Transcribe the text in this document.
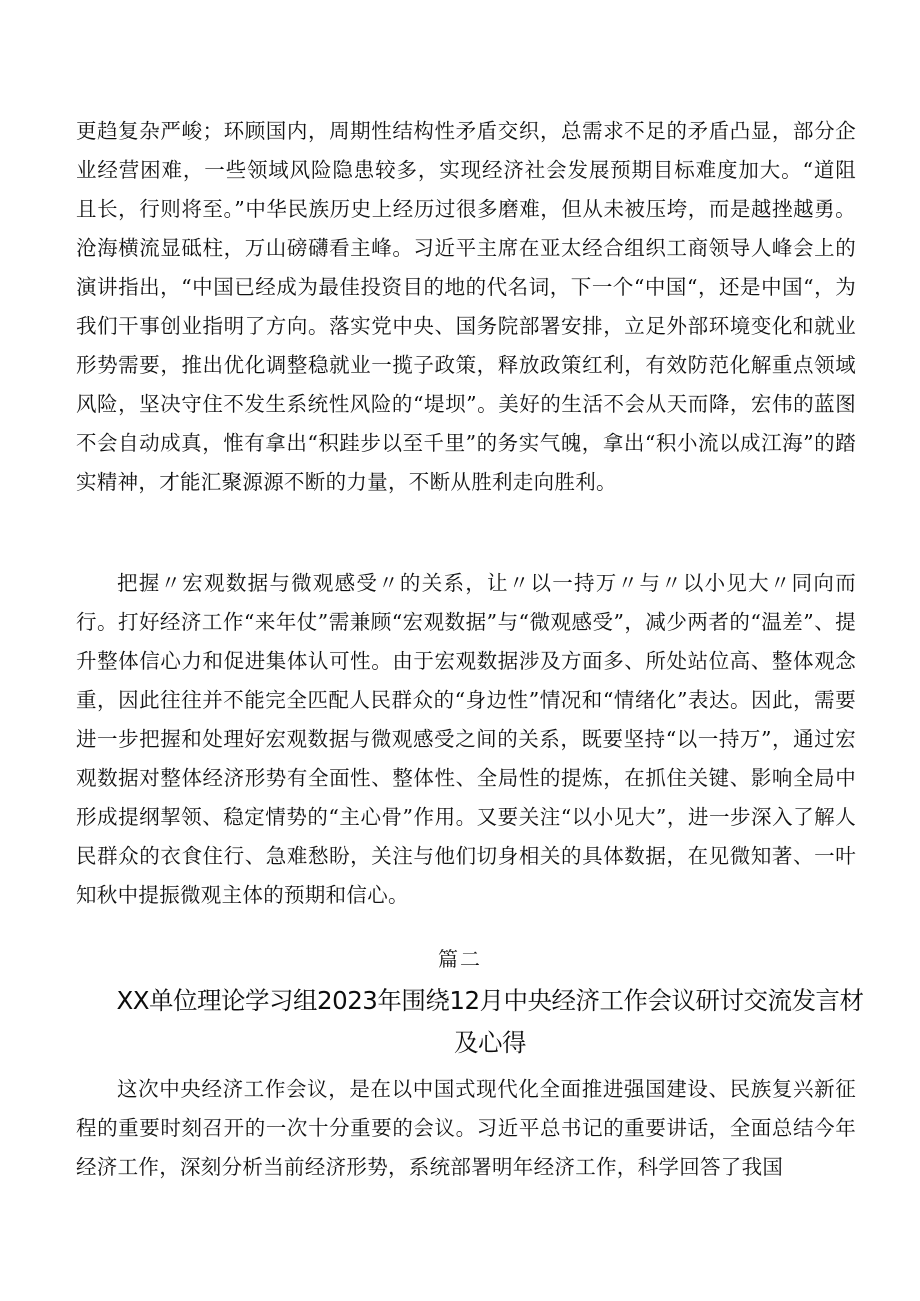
更趋复杂严峻；环顾国内，周期性结构性矛盾交织，总需求不足的矛盾凸显，部分企业经营困难，一些领域风险隐患较多，实现经济社会发展预期目标难度加大。“道阻且长，行则将至。”中华民族历史上经历过很多磨难，但从未被压垮，而是越挫越勇。沧海横流显砥柱，万山磅礴看主峰。习近平主席在亚太经合组织工商领导人峰会上的演讲指出，“中国已经成为最佳投资目的地的代名词，下一个“中国“，还是中国“，为我们干事创业指明了方向。落实党中央、国务院部署安排，立足外部环境变化和就业形势需要，推出优化调整稳就业一揽子政策，释放政策红利，有效防范化解重点领域风险，坚决守住不发生系统性风险的“堤坝”。美好的生活不会从天而降，宏伟的蓝图不会自动成真，惟有拿出“积跬步以至千里”的务实气魄，拿出“积小流以成江海”的踏实精神，才能汇聚源源不断的力量，不断从胜利走向胜利。

把握〃宏观数据与微观感受〃的关系，让〃以一持万〃与〃以小见大〃同向而行。打好经济工作“来年仗”需兼顾“宏观数据”与“微观感受”，减少两者的“温差”、提升整体信心力和促进集体认可性。由于宏观数据涉及方面多、所处站位高、整体观念重，因此往往并不能完全匹配人民群众的“身边性”情况和“情绪化”表达。因此，需要进一步把握和处理好宏观数据与微观感受之间的关系，既要坚持“以一持万”，通过宏观数据对整体经济形势有全面性、整体性、全局性的提炼，在抓住关键、影响全局中形成提纲挈领、稳定情势的“主心骨”作用。又要关注“以小见大”，进一步深入了解人民群众的衣食住行、急难愁盼，关注与他们切身相关的具体数据，在见微知著、一叶知秋中提振微观主体的预期和信心。

篇二
XX单位理论学习组2023年围绕12月中央经济工作会议研讨交流发言材及心得

这次中央经济工作会议，是在以中国式现代化全面推进强国建设、民族复兴新征程的重要时刻召开的一次十分重要的会议。习近平总书记的重要讲话，全面总结今年经济工作，深刻分析当前经济形势，系统部署明年经济工作，科学回答了我国
